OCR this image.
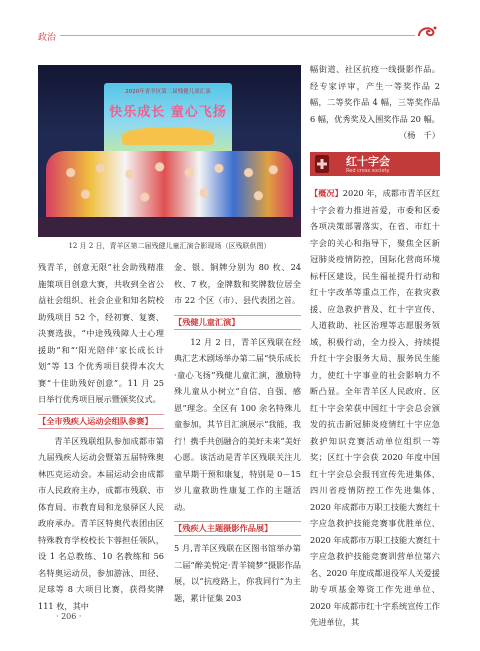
政治
2020年青羊区第二届残健儿童汇演
快乐成长 童心飞扬
12 月 2 日，青羊区第二届残健儿童汇演合影现场（区残联供图）

残青羊，创意无限”社会助残精准施策项目创意大赛，共收到全省公益社会组织、社会企业和知名院校助残项目 52 个，经初赛、复赛、决赛选拔，“中途残残障人士心理援助”和“‘阳光陪伴’家长成长计划”等 13 个优秀项目获得本次大赛“十佳助残好创意”。11 月 25 日举行优秀项目展示暨颁奖仪式。

【全市残疾人运动会组队参赛】

青羊区残联组队参加成都市第九届残疾人运动会暨第五届特殊奥林匹克运动会。本届运动会由成都市人民政府主办，成都市残联、市体育局、市教育局和龙泉驿区人民政府承办。青羊区特奥代表团由区特殊教育学校校长卞蓉担任领队，设 1 名总教练、10 名教练和 56 名特奥运动员，参加游泳、田径、足球等 8 大项目比赛，获得奖牌 111 枚，其中

金、银、铜牌分别为 80 枚、24 枚、7 枚，金牌数和奖牌数位居全市 22 个区（市）、县代表团之首。

【残健儿童汇演】

12 月 2 日，青羊区残联在经典汇艺术剧场举办第二届“快乐成长·童心飞扬”残健儿童汇演，激励特殊儿童从小树立“自信、自强、感恩”理念。全区有 100 余名特殊儿童参加，其节目汇演展示“我能，我行！携手共创融合的美好未来”美好心愿。该活动是青羊区残联关注儿童早期干预和康复，特别是 0－15 岁儿童救助性康复工作的主题活动。

【残疾人主题摄影作品展】

5 月,青羊区残联在区图书馆举办第二届“醉美悦定·青羊镜梦”摄影作品展，以“抗疫路上，你我同行”为主题，累计征集 203

幅街道、社区抗疫一线摄影作品。经专家评审，产生一等奖作品 2 幅，二等奖作品 4 幅，三等奖作品 6 幅，优秀奖及入围奖作品 20 幅。

（杨　千）
红十字会
Red cross society

【概况】2020 年，成都市青羊区红十字会着力推进首爱，市委和区委各项决策部署落实，在省、市红十字会的关心和指导下，聚焦全区新冠肺炎疫情防控，国际化营商环境标杆区建设，民生福祉提升行动和红十字改革等重点工作，在救灾救援、应急救护普及、红十字宣传、人道救助、社区治理等志愿服务领域，积极行动，全力投入，持续提升红十字会服务大局、服务民生能力，使红十字事业的社会影响力不断凸显。全年青羊区人民政府、区红十字会荣获中国红十字会总会颁发的抗击新冠肺炎疫情红十字应急救护知识竞赛活动单位组织一等奖；区红十字会获 2020 年度中国红十字会总会报刊宣传先进集体、四川省疫情防控工作先进集体、2020 年成都市万职工技能大赛红十字应急救护技能竞赛事优胜单位、2020 年成都市万职工技能大赛红十字应急救护技能竞赛训营单位第六名、2020 年度成都退役军人关爱援助专项基金筹资工作先进单位、2020 年成都市红十字系统宣传工作先进单位，其

· 206 ·
